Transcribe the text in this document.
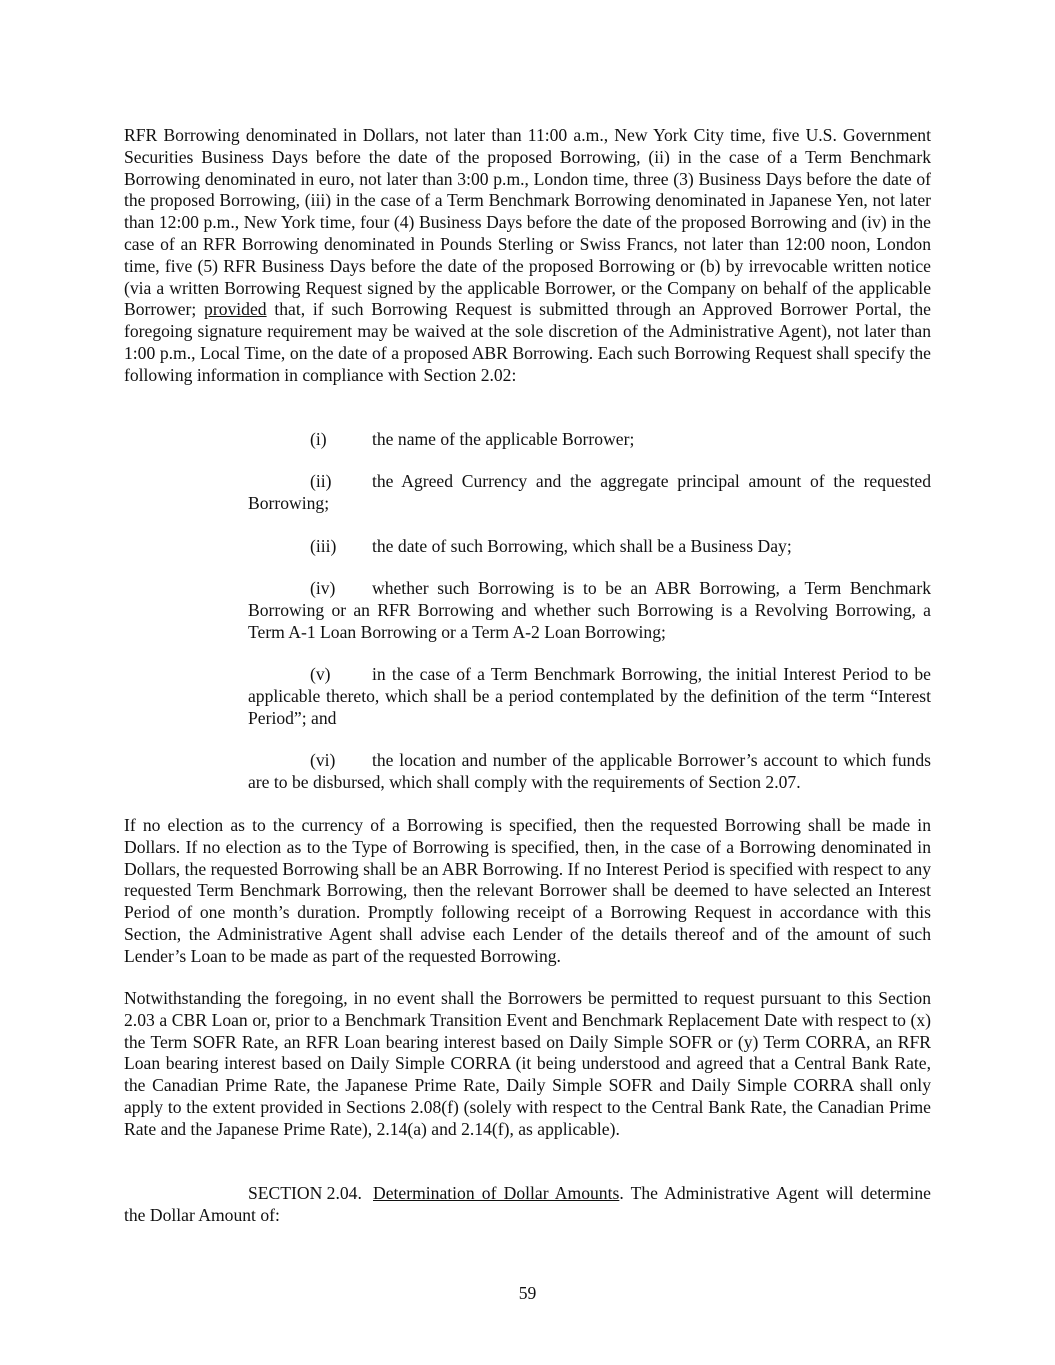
RFR Borrowing denominated in Dollars, not later than 11:00 a.m., New York City time, five U.S. Government Securities Business Days before the date of the proposed Borrowing, (ii) in the case of a Term Benchmark Borrowing denominated in euro, not later than 3:00 p.m., London time, three (3) Business Days before the date of the proposed Borrowing, (iii) in the case of a Term Benchmark Borrowing denominated in Japanese Yen, not later than 12:00 p.m., New York time, four (4) Business Days before the date of the proposed Borrowing and (iv) in the case of an RFR Borrowing denominated in Pounds Sterling or Swiss Francs, not later than 12:00 noon, London time, five (5) RFR Business Days before the date of the proposed Borrowing or (b) by irrevocable written notice (via a written Borrowing Request signed by the applicable Borrower, or the Company on behalf of the applicable Borrower; provided that, if such Borrowing Request is submitted through an Approved Borrower Portal, the foregoing signature requirement may be waived at the sole discretion of the Administrative Agent), not later than 1:00 p.m., Local Time, on the date of a proposed ABR Borrowing. Each such Borrowing Request shall specify the following information in compliance with Section 2.02:

(i)	the name of the applicable Borrower;

(ii) the Agreed Currency and the aggregate principal amount of the requested Borrowing;

(iii) the date of such Borrowing, which shall be a Business Day;

(iv) whether such Borrowing is to be an ABR Borrowing, a Term Benchmark Borrowing or an RFR Borrowing and whether such Borrowing is a Revolving Borrowing, a Term A-1 Loan Borrowing or a Term A-2 Loan Borrowing;

(v) in the case of a Term Benchmark Borrowing, the initial Interest Period to be applicable thereto, which shall be a period contemplated by the definition of the term “Interest Period”; and

(vi) the location and number of the applicable Borrower’s account to which funds are to be disbursed, which shall comply with the requirements of Section 2.07.

If no election as to the currency of a Borrowing is specified, then the requested Borrowing shall be made in Dollars. If no election as to the Type of Borrowing is specified, then, in the case of a Borrowing denominated in Dollars, the requested Borrowing shall be an ABR Borrowing. If no Interest Period is specified with respect to any requested Term Benchmark Borrowing, then the relevant Borrower shall be deemed to have selected an Interest Period of one month’s duration. Promptly following receipt of a Borrowing Request in accordance with this Section, the Administrative Agent shall advise each Lender of the details thereof and of the amount of such Lender’s Loan to be made as part of the requested Borrowing.

Notwithstanding the foregoing, in no event shall the Borrowers be permitted to request pursuant to this Section 2.03 a CBR Loan or, prior to a Benchmark Transition Event and Benchmark Replacement Date with respect to (x) the Term SOFR Rate, an RFR Loan bearing interest based on Daily Simple SOFR or (y) Term CORRA, an RFR Loan bearing interest based on Daily Simple CORRA (it being understood and agreed that a Central Bank Rate, the Canadian Prime Rate, the Japanese Prime Rate, Daily Simple SOFR and Daily Simple CORRA shall only apply to the extent provided in Sections 2.08(f) (solely with respect to the Central Bank Rate, the Canadian Prime Rate and the Japanese Prime Rate), 2.14(a) and 2.14(f), as applicable).

SECTION 2.04. Determination of Dollar Amounts. The Administrative Agent will determine the Dollar Amount of:

59
